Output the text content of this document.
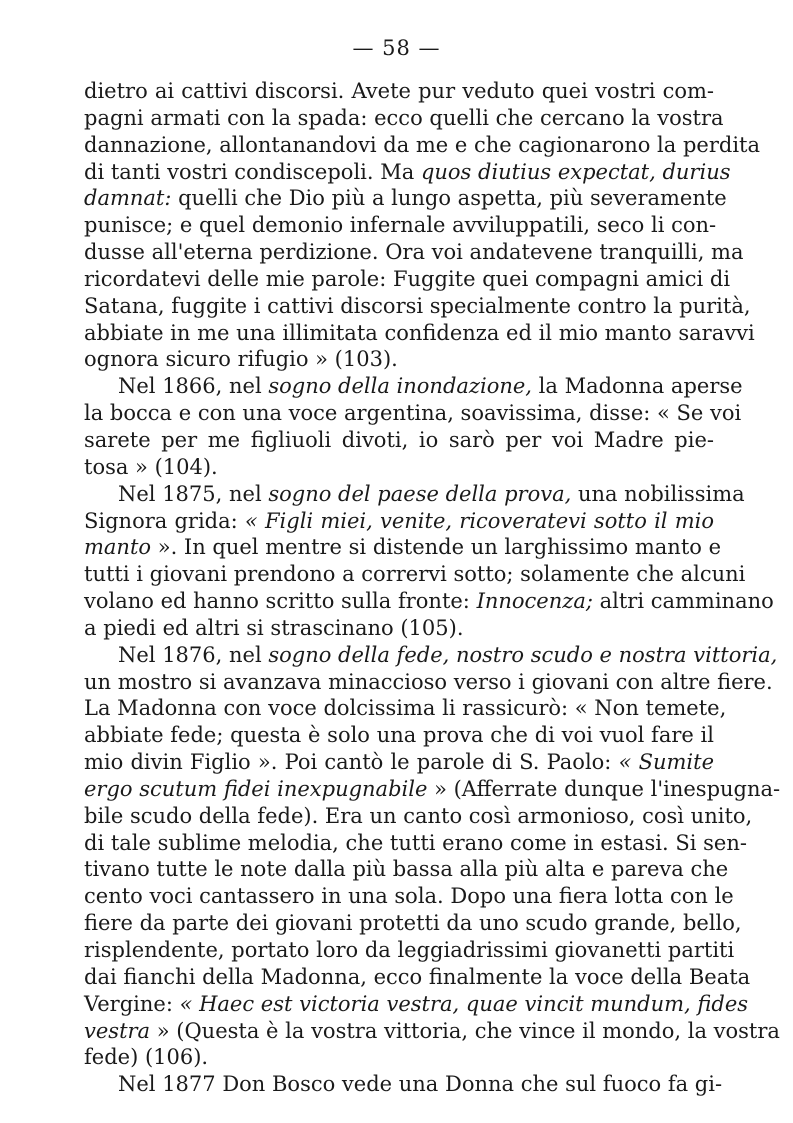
— 58 —
dietro ai cattivi discorsi. Avete pur veduto quei vostri com-
pagni armati con la spada: ecco quelli che cercano la vostra
dannazione, allontanandovi da me e che cagionarono la perdita
di tanti vostri condiscepoli. Ma quos diutius expectat, durius
damnat: quelli che Dio più a lungo aspetta, più severamente
punisce; e quel demonio infernale avviluppatili, seco li con-
dusse all'eterna perdizione. Ora voi andatevene tranquilli, ma
ricordatevi delle mie parole: Fuggite quei compagni amici di
Satana, fuggite i cattivi discorsi specialmente contro la purità,
abbiate in me una illimitata confidenza ed il mio manto saravvi
ognora sicuro rifugio » (103).
Nel 1866, nel sogno della inondazione, la Madonna aperse
la bocca e con una voce argentina, soavissima, disse: « Se voi
sarete per me figliuoli divoti, io sarò per voi Madre pie-
tosa » (104).
Nel 1875, nel sogno del paese della prova, una nobilissima
Signora grida: « Figli miei, venite, ricoveratevi sotto il mio
manto ». In quel mentre si distende un larghissimo manto e
tutti i giovani prendono a corrervi sotto; solamente che alcuni
volano ed hanno scritto sulla fronte: Innocenza; altri camminano
a piedi ed altri si strascinano (105).
Nel 1876, nel sogno della fede, nostro scudo e nostra vittoria,
un mostro si avanzava minaccioso verso i giovani con altre fiere.
La Madonna con voce dolcissima li rassicurò: « Non temete,
abbiate fede; questa è solo una prova che di voi vuol fare il
mio divin Figlio ». Poi cantò le parole di S. Paolo: « Sumite
ergo scutum fidei inexpugnabile » (Afferrate dunque l'inespugna-
bile scudo della fede). Era un canto così armonioso, così unito,
di tale sublime melodia, che tutti erano come in estasi. Si sen-
tivano tutte le note dalla più bassa alla più alta e pareva che
cento voci cantassero in una sola. Dopo una fiera lotta con le
fiere da parte dei giovani protetti da uno scudo grande, bello,
risplendente, portato loro da leggiadrissimi giovanetti partiti
dai fianchi della Madonna, ecco finalmente la voce della Beata
Vergine: « Haec est victoria vestra, quae vincit mundum, fides
vestra » (Questa è la vostra vittoria, che vince il mondo, la vostra
fede) (106).
Nel 1877 Don Bosco vede una Donna che sul fuoco fa gi-
